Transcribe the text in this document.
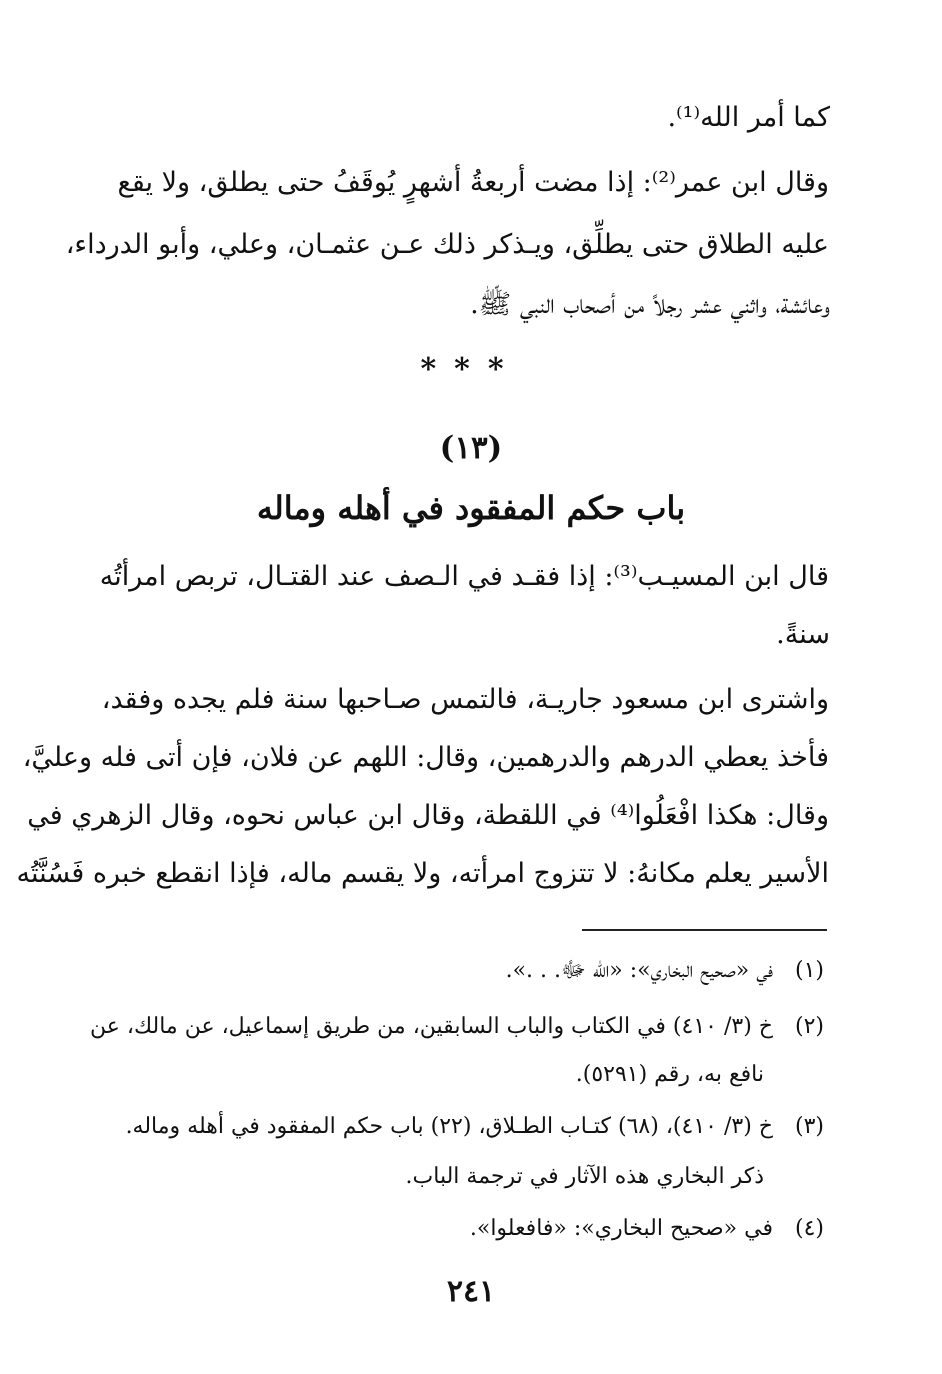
كما أمر الله⁽¹⁾.
وقال ابن عمر⁽²⁾: إذا مضت أربعةُ أشهرٍ يُوقَفُ حتى يطلق، ولا يقع
عليه الطلاق حتى يطلِّق، ويـذكر ذلك عـن عثمـان، وعلي، وأبو الدرداء،
وعائشة، واثني عشر رجلاً من أصحاب النبي ﷺ.
***
(١٣)
باب حكم المفقود في أهله وماله
قال ابن المسيـب⁽³⁾: إذا فقـد في الـصف عند القتـال، تربص امرأتُه
سنةً.
واشترى ابن مسعود جاريـة، فالتمس صـاحبها سنة فلم يجده وفقد،
فأخذ يعطي الدرهم والدرهمين، وقال: اللهم عن فلان، فإن أتى فله وعليَّ،
وقال: هكذا افْعَلُوا⁽⁴⁾ في اللقطة، وقال ابن عباس نحوه، وقال الزهري في
الأسير يعلم مكانهُ: لا تتزوج امرأته، ولا يقسم ماله، فإذا انقطع خبره فَسُنَّتُه
(١)في «صحيح البخاري»: «الله ﷻ. . .».
(٢)خ (٣/ ٤١٠) في الكتاب والباب السابقين، من طريق إسماعيل، عن مالك، عن
نافع به، رقم (٥٢٩١).
(٣)خ (٣/ ٤١٠)، (٦٨) كتـاب الطـلاق، (٢٢) باب حكم المفقود في أهله وماله.
ذكر البخاري هذه الآثار في ترجمة الباب.
(٤)في «صحيح البخاري»: «فافعلوا».
٢٤١
